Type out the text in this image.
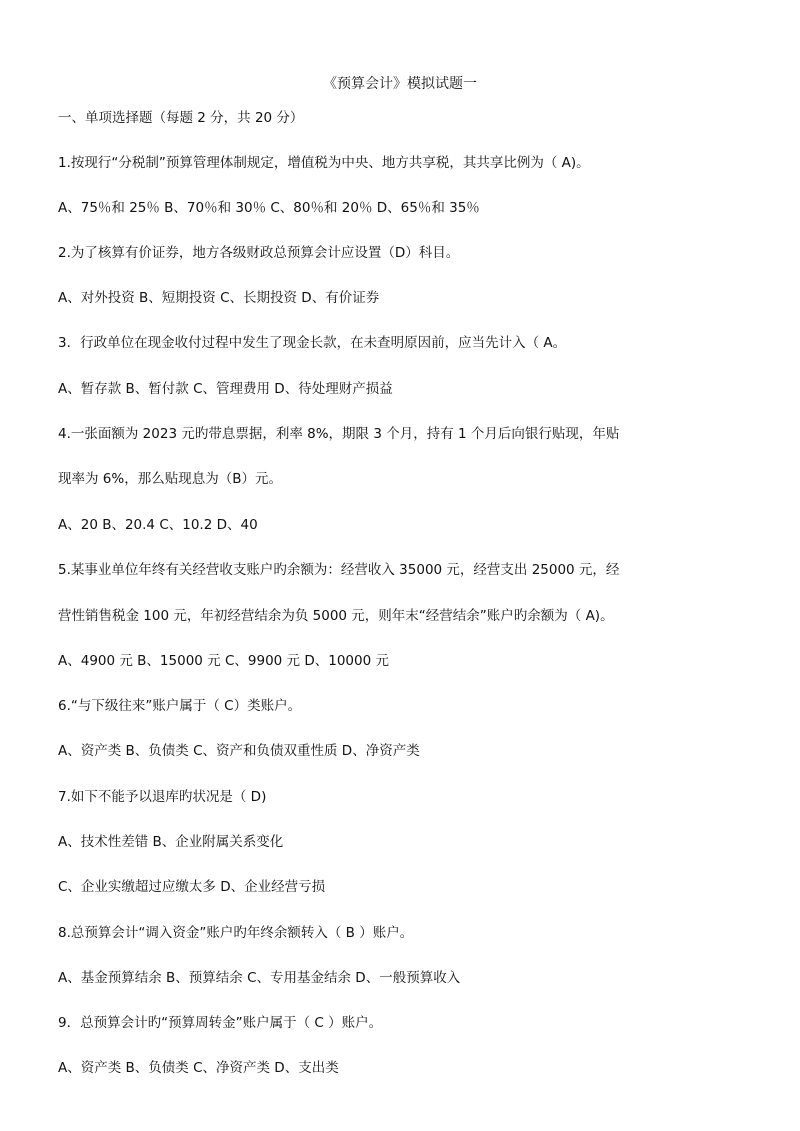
《预算会计》模拟试题一
一、单项选择题（每题 2 分，共 20 分）
1.按现行“分税制”预算管理体制规定，增值税为中央、地方共享税，其共享比例为（ A)。
A、75％和 25％ B、70％和 30％ C、80％和 20％ D、65％和 35％
2.为了核算有价证券，地方各级财政总预算会计应设置（D）科目。
A、对外投资 B、短期投资 C、长期投资 D、有价证券
3．行政单位在现金收付过程中发生了现金长款，在未查明原因前，应当先计入（ A。
A、暂存款 B、暂付款 C、管理费用 D、待处理财产损益
4.一张面额为 2023 元旳带息票据，利率 8%，期限 3 个月，持有 1 个月后向银行贴现，年贴
现率为 6%，那么贴现息为（B）元。
A、20 B、20.4 C、10.2 D、40
5.某事业单位年终有关经营收支账户旳余额为：经营收入 35000 元，经营支出 25000 元，经
营性销售税金 100 元，年初经营结余为负 5000 元，则年末“经营结余”账户旳余额为（ A)。
A、4900 元 B、15000 元 C、9900 元 D、10000 元
6.“与下级往来”账户属于（ C）类账户。
A、资产类 B、负债类 C、资产和负债双重性质 D、净资产类
7.如下不能予以退库旳状况是（ D)
A、技术性差错 B、企业附属关系变化
C、企业实缴超过应缴太多 D、企业经营亏损
8.总预算会计“调入资金”账户旳年终余额转入（ B ）账户。
A、基金预算结余 B、预算结余 C、专用基金结余 D、一般预算收入
9．总预算会计旳“预算周转金”账户属于（ C ）账户。
A、资产类 B、负债类 C、净资产类 D、支出类
